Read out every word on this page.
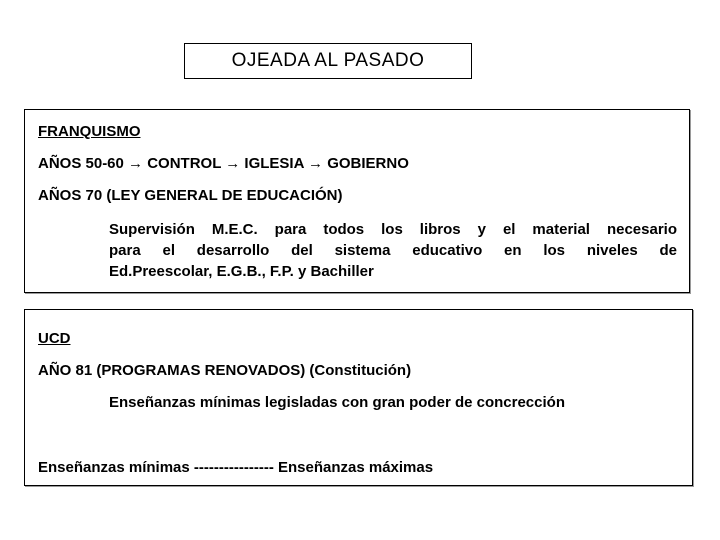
OJEADA AL PASADO
FRANQUISMO
AÑOS 50-60 → CONTROL → IGLESIA → GOBIERNO
AÑOS 70 (LEY GENERAL DE EDUCACIÓN)
Supervisión M.E.C. para todos los libros y el material necesario
para el desarrollo del sistema educativo en los niveles de
Ed.Preescolar, E.G.B., F.P. y Bachiller
UCD
AÑO 81 (PROGRAMAS RENOVADOS) (Constitución)
Enseñanzas mínimas legisladas con gran poder de concrección
Enseñanzas mínimas ---------------- Enseñanzas máximas
